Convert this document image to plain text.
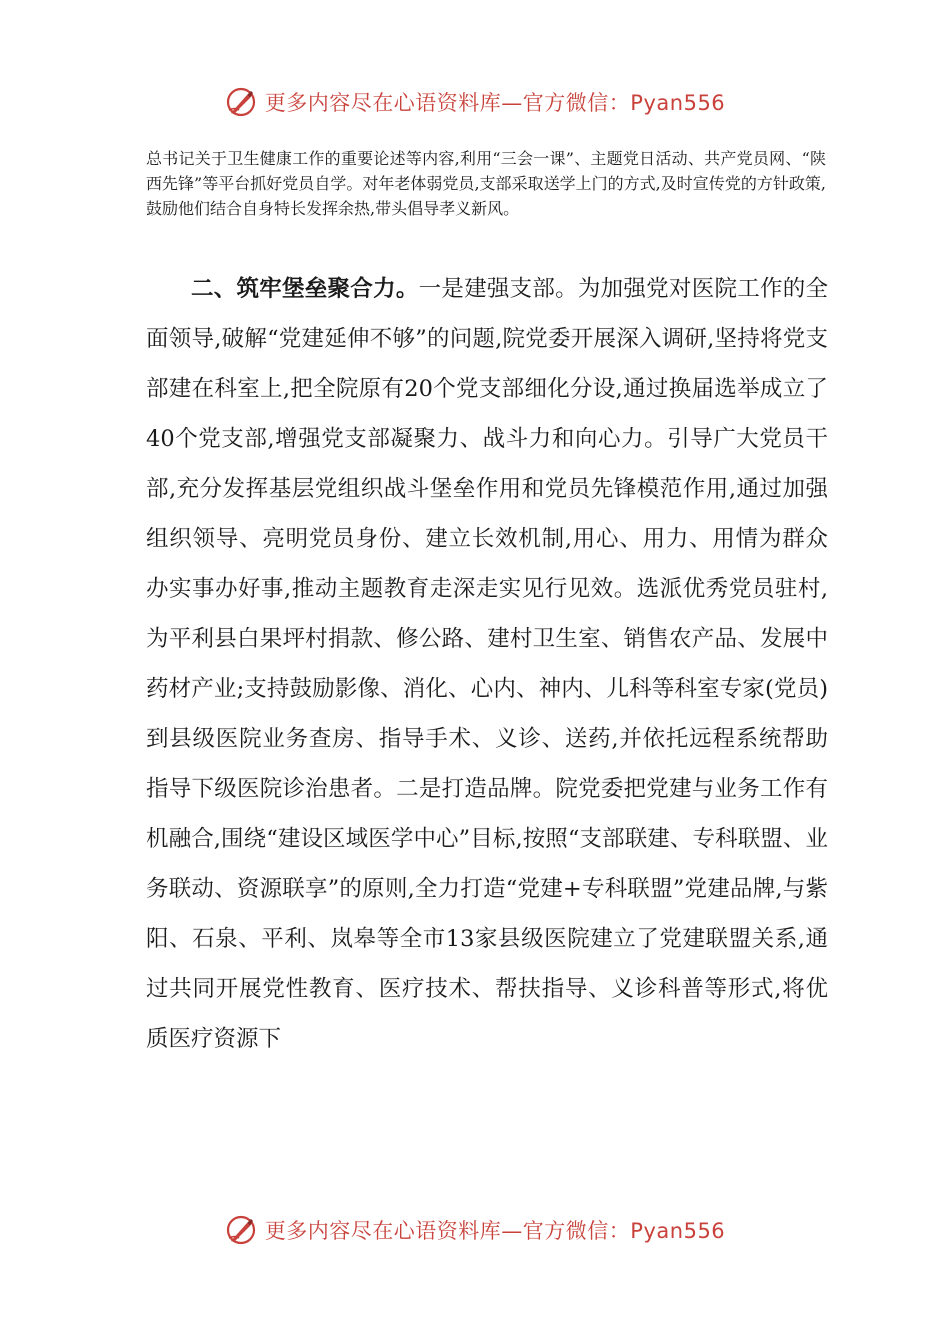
更多内容尽在心语资料库—官方微信：Pyan556

总书记关于卫生健康工作的重要论述等内容,利用“三会一课”、主题党日活动、共产党员网、“陕西先锋”等平台抓好党员自学。对年老体弱党员,支部采取送学上门的方式,及时宣传党的方针政策,鼓励他们结合自身特长发挥余热,带头倡导孝义新风。

二、筑牢堡垒聚合力。一是建强支部。为加强党对医院工作的全面领导,破解“党建延伸不够”的问题,院党委开展深入调研,坚持将党支部建在科室上,把全院原有20个党支部细化分设,通过换届选举成立了40个党支部,增强党支部凝聚力、战斗力和向心力。引导广大党员干部,充分发挥基层党组织战斗堡垒作用和党员先锋模范作用,通过加强组织领导、亮明党员身份、建立长效机制,用心、用力、用情为群众办实事办好事,推动主题教育走深走实见行见效。选派优秀党员驻村,为平利县白果坪村捐款、修公路、建村卫生室、销售农产品、发展中药材产业;支持鼓励影像、消化、心内、神内、儿科等科室专家(党员)到县级医院业务查房、指导手术、义诊、送药,并依托远程系统帮助指导下级医院诊治患者。二是打造品牌。院党委把党建与业务工作有机融合,围绕“建设区域医学中心”目标,按照“支部联建、专科联盟、业务联动、资源联享”的原则,全力打造“党建+专科联盟”党建品牌,与紫阳、石泉、平利、岚皋等全市13家县级医院建立了党建联盟关系,通过共同开展党性教育、医疗技术、帮扶指导、义诊科普等形式,将优质医疗资源下

更多内容尽在心语资料库—官方微信：Pyan556
